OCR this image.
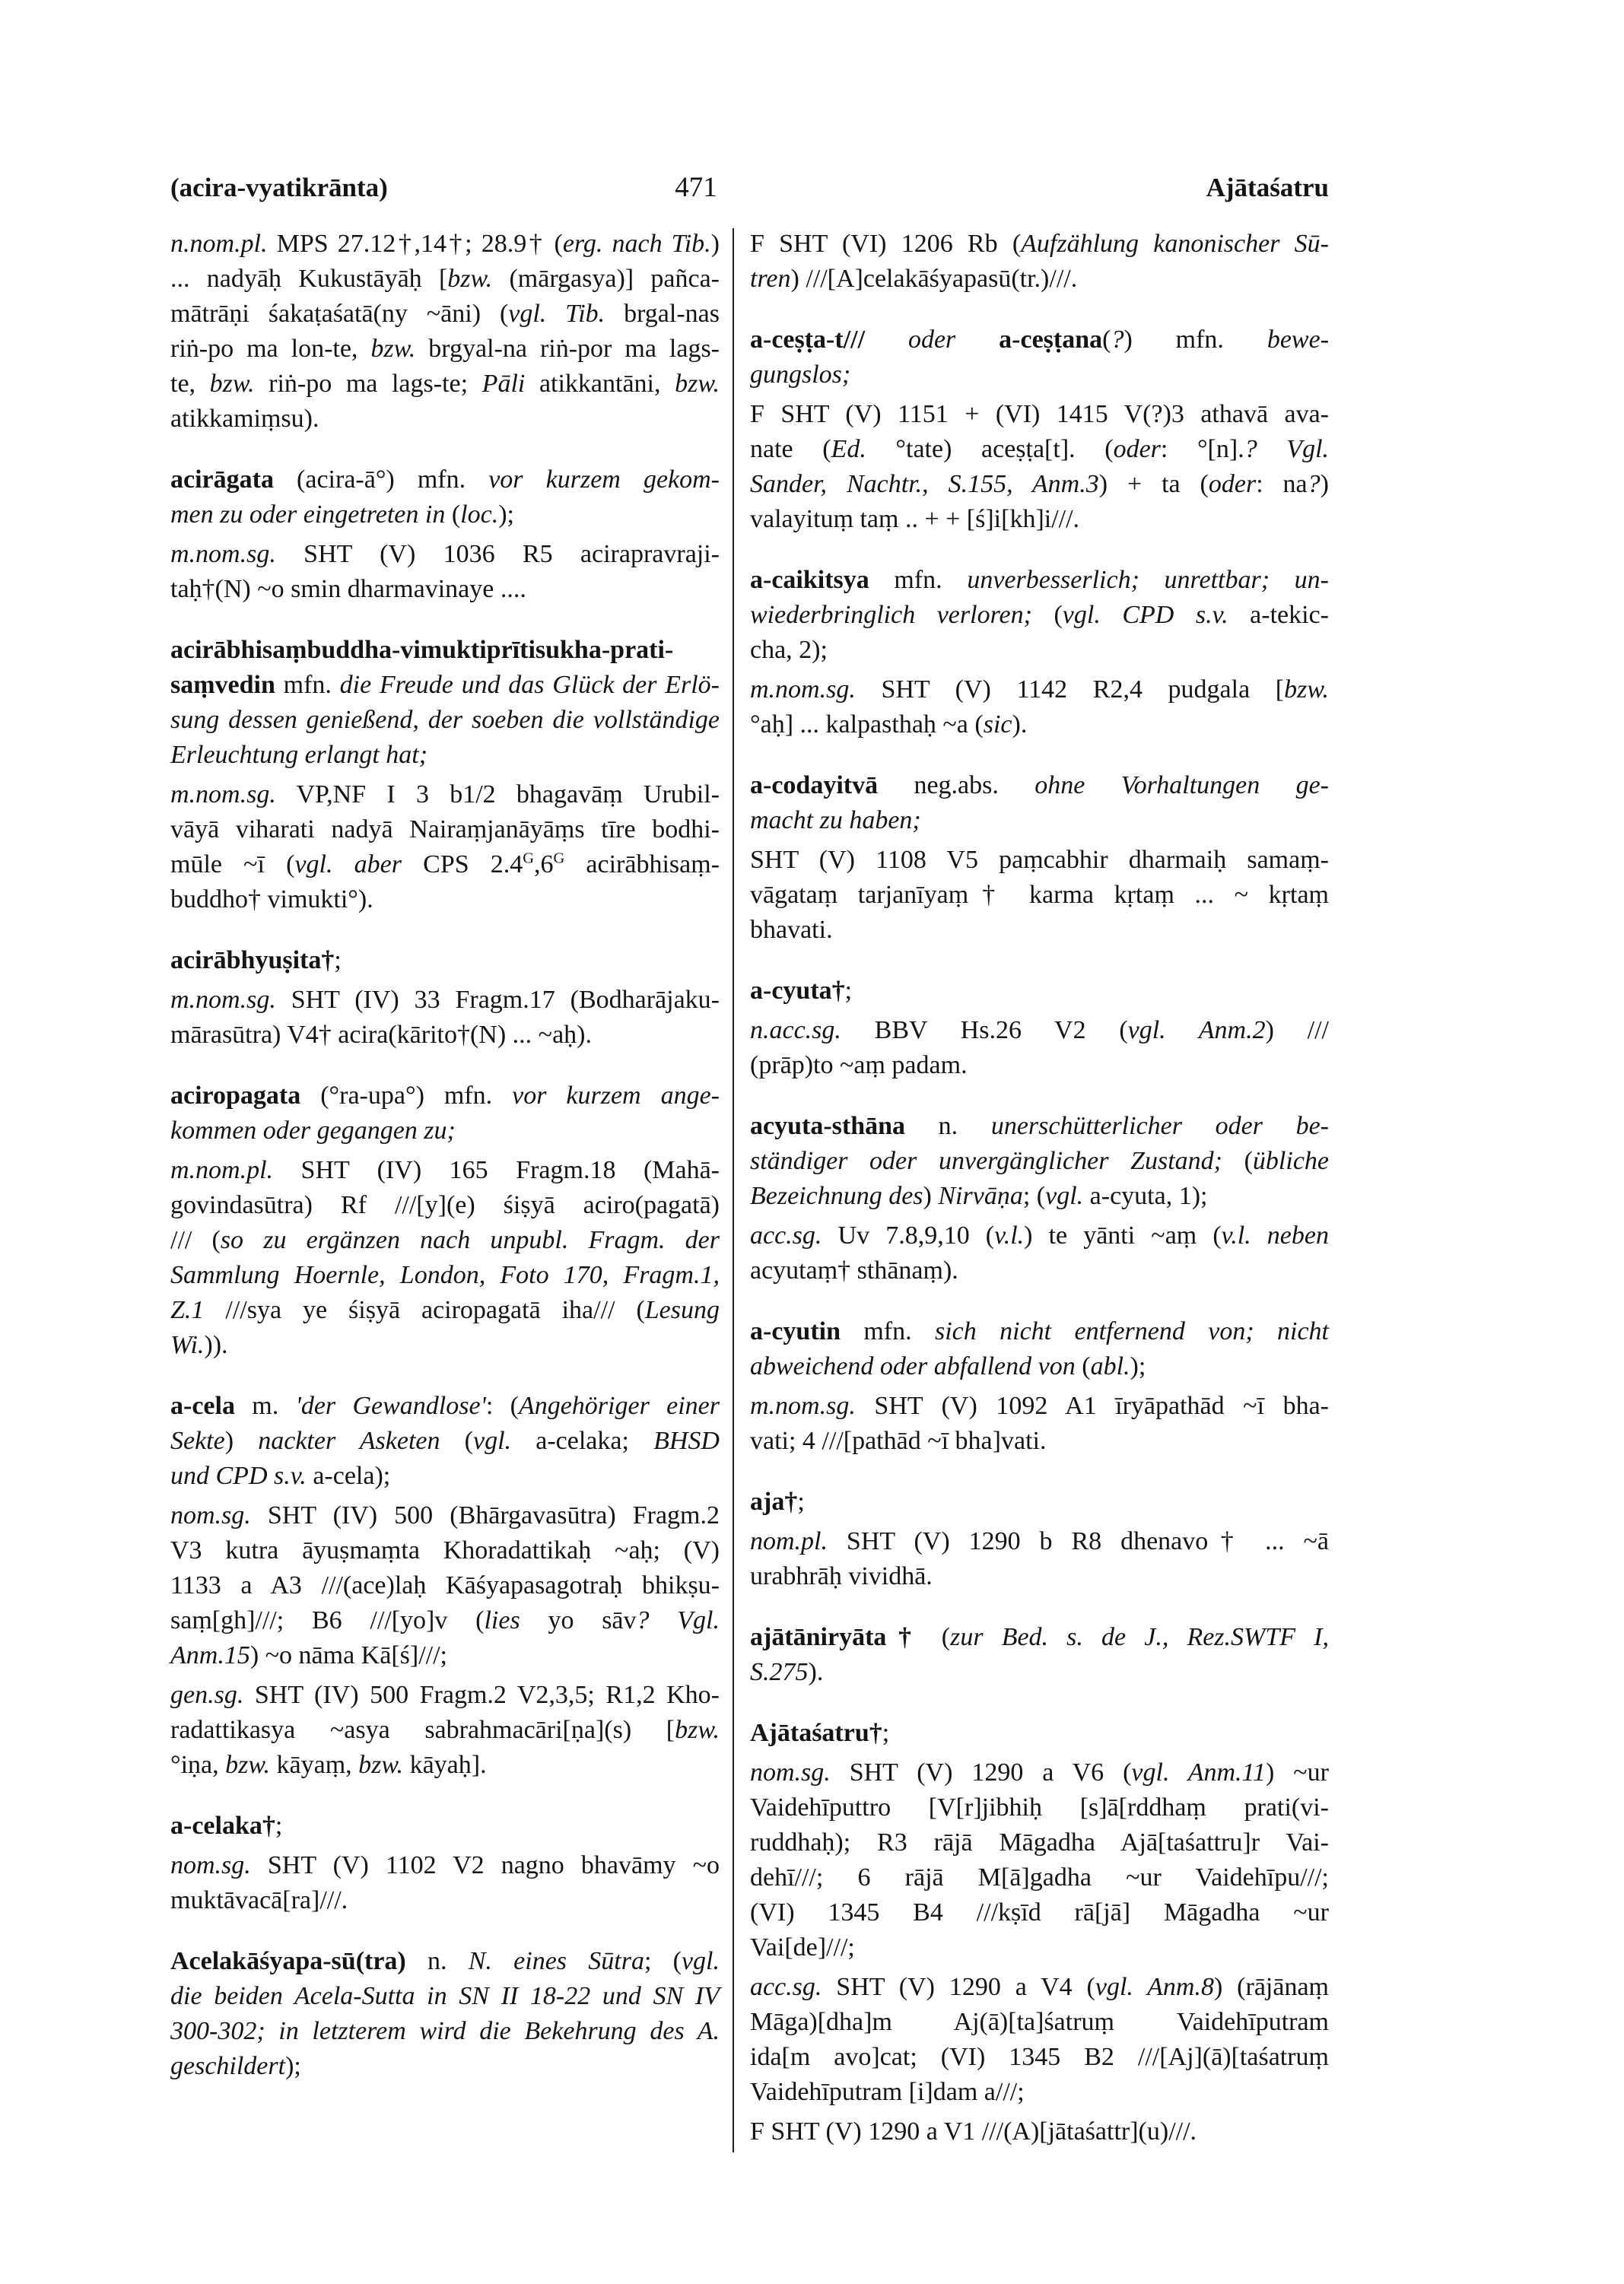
(acira-vyatikrānta)	471	Ajātaśatru
n.nom.pl. MPS 27.12†,14†; 28.9† (erg. nach Tib.)
... nadyāḥ Kukustāyāḥ [bzw. (mārgasya)] pañca-
mātrāṇi śakaṭaśatā(ny ~āni) (vgl. Tib. brgal-nas
riṅ-po ma lon-te, bzw. brgyal-na riṅ-por ma lags-
te, bzw. riṅ-po ma lags-te; Pāli atikkantāni, bzw.
atikkamiṃsu).
acirāgata (acira-ā°) mfn. vor kurzem gekom-
men zu oder eingetreten in (loc.);
m.nom.sg. SHT (V) 1036 R5 acirapravraji-
taḥ†(N) ~o smin dharmavinaye ....
acirābhisaṃbuddha-vimuktiprītisukha-prati-
saṃvedin mfn. die Freude und das Glück der Erlö-
sung dessen genießend, der soeben die vollständige
Erleuchtung erlangt hat;
m.nom.sg. VP,NF I 3 b1/2 bhagavāṃ Urubil-
vāyā viharati nadyā Nairaṃjanāyāṃs tīre bodhi-
mūle ~ī (vgl. aber CPS $2.4^G,6^G$ acirābhisaṃ-
buddho† vimukti°).
acirābhyuṣita†;
m.nom.sg. SHT (IV) 33 Fragm.17 (Bodharājaku-
mārasūtra) V4† acira(kārito†(N) ... ~aḥ).
aciropagata (°ra-upa°) mfn. vor kurzem ange-
kommen oder gegangen zu;
m.nom.pl. SHT (IV) 165 Fragm.18 (Mahā-
govindasūtra) Rf ///[y](e) śiṣyā aciro(pagatā)
/// (so zu ergänzen nach unpubl. Fragm. der
Sammlung Hoernle, London, Foto 170, Fragm.1,
Z.1 ///sya ye śiṣyā aciropagatā iha/// (Lesung
Wi.)).
a-cela m. 'der Gewandlose': (Angehöriger einer
Sekte) nackter Asketen (vgl. a-celaka; BHSD
und CPD s.v. a-cela);
nom.sg. SHT (IV) 500 (Bhārgavasūtra) Fragm.2
V3 kutra āyuṣmaṃta Khoradattikaḥ ~aḥ; (V)
1133 a A3 ///(ace)laḥ Kāśyapasagotraḥ bhikṣu-
saṃ[gh]///; B6 ///[yo]v (lies yo sāv? Vgl.
Anm.15) ~o nāma Kā[ś]///;
gen.sg. SHT (IV) 500 Fragm.2 V2,3,5; R1,2 Kho-
radattikasya ~asya sabrahmacāri[ṇa](s) [bzw.
°iṇa, bzw. kāyaṃ, bzw. kāyaḥ].
a-celaka†;
nom.sg. SHT (V) 1102 V2 nagno bhavāmy ~o
muktāvacā[ra]///.
Acelakāśyapa-sū(tra) n. N. eines Sūtra; (vgl.
die beiden Acela-Sutta in SN II 18-22 und SN IV
300-302; in letzterem wird die Bekehrung des A.
geschildert);
F SHT (VI) 1206 Rb (Aufzählung kanonischer Sū-
tren) ///[A]celakāśyapasū(tr.)///.
a-ceṣṭa-t/// oder a-ceṣṭana(?) mfn. bewe-
gungslos;
F SHT (V) 1151 + (VI) 1415 V(?)3 athavā ava-
nate (Ed. °tate) aceṣṭa[t]. (oder: °[n].? Vgl.
Sander, Nachtr., S.155, Anm.3) + ta (oder: na?)
valayituṃ taṃ .. + + [ś]i[kh]i///.
a-caikitsya mfn. unverbesserlich; unrettbar; un-
wiederbringlich verloren; (vgl. CPD s.v. a-tekic-
cha, 2);
m.nom.sg. SHT (V) 1142 R2,4 pudgala [bzw.
°aḥ] ... kalpasthaḥ ~a (sic).
a-codayitvā neg.abs. ohne Vorhaltungen ge-
macht zu haben;
SHT (V) 1108 V5 paṃcabhir dharmaiḥ samaṃ-
vāgataṃ tarjanīyaṃ† karma kṛtaṃ ... ~ kṛtaṃ
bhavati.
a-cyuta†;
n.acc.sg. BBV Hs.26 V2 (vgl. Anm.2) ///
(prāp)to ~aṃ padam.
acyuta-sthāna n. unerschütterlicher oder be-
ständiger oder unvergänglicher Zustand; (übliche
Bezeichnung des) Nirvāṇa; (vgl. a-cyuta, 1);
acc.sg. Uv 7.8,9,10 (v.l.) te yānti ~aṃ (v.l. neben
acyutaṃ† sthānaṃ).
a-cyutin mfn. sich nicht entfernend von; nicht
abweichend oder abfallend von (abl.);
m.nom.sg. SHT (V) 1092 A1 īryāpathād ~ī bha-
vati; 4 ///[pathād ~ī bha]vati.
aja†;
nom.pl. SHT (V) 1290 b R8 dhenavo† ... ~ā
urabhrāḥ vividhā.
ajātāniryāta† (zur Bed. s. de J., Rez.SWTF I,
S.275).
Ajātaśatru†;
nom.sg. SHT (V) 1290 a V6 (vgl. Anm.11) ~ur
Vaidehīputtro [V[r]jibhiḥ [s]ā[rddhaṃ prati(vi-
ruddhaḥ); R3 rājā Māgadha Ajā[taśattru]r Vai-
dehī///; 6 rājā M[ā]gadha ~ur Vaidehīpu///;
(VI) 1345 B4 ///kṣīd rā[jā] Māgadha ~ur
Vai[de]///;
acc.sg. SHT (V) 1290 a V4 (vgl. Anm.8) (rājānaṃ
Māga)[dha]m Aj(ā)[ta]śatruṃ Vaidehīputram
ida[m avo]cat; (VI) 1345 B2 ///[Aj](ā)[taśatruṃ
Vaidehīputram [i]dam a///;
F SHT (V) 1290 a V1 ///(A)[jātaśattr](u)///.
